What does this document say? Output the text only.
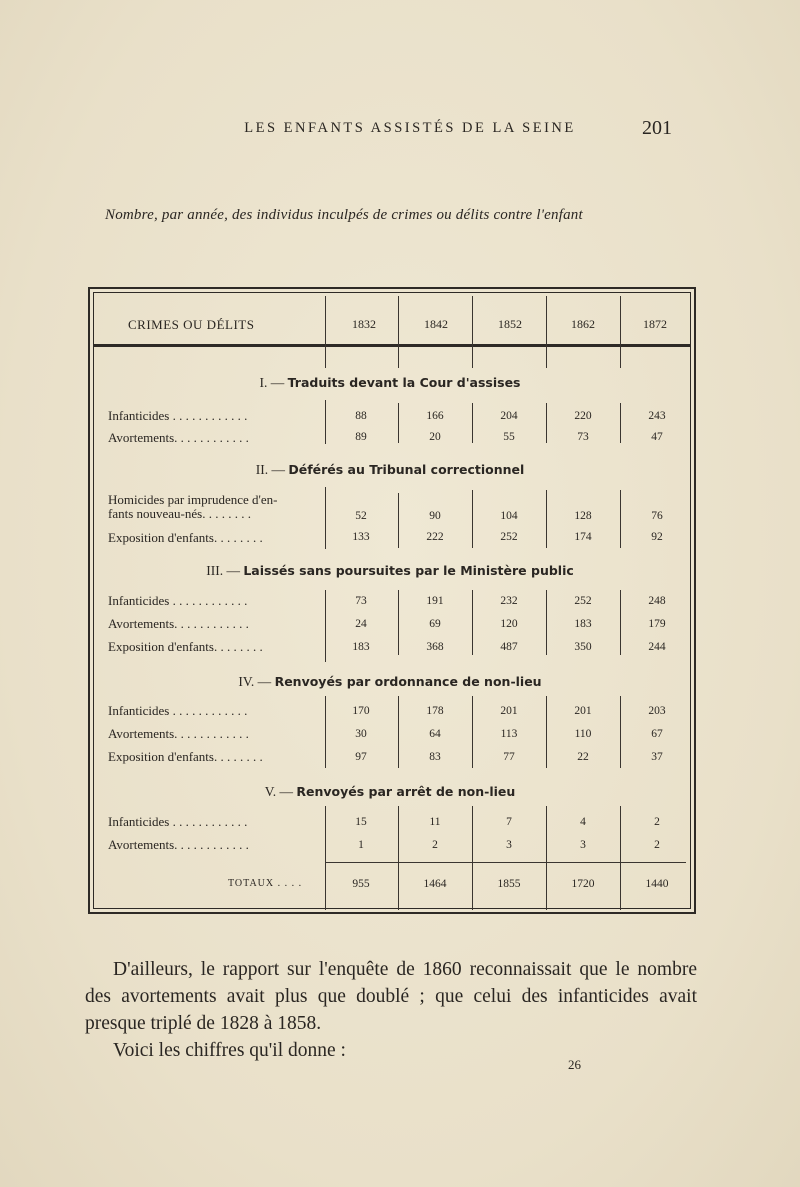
LES ENFANTS ASSISTÉS DE LA SEINE	201
Nombre, par année, des individus inculpés de crimes ou délits contre l'enfant
CRIMES OU DÉLITS	1832	1842	1852	1862	1872
I. — Traduits devant la Cour d'assises
Infanticides . . . . . . . . . . . .	88	166	204	220	243
Avortements. . . . . . . . . . . .	89	20	55	73	47
II. — Déférés au Tribunal correctionnel
Homicides par imprudence d'en-
fants nouveau-nés. . . . . . . .	52	90	104	128	76
Exposition d'enfants. . . . . . . .	133	222	252	174	92
III. — Laissés sans poursuites par le Ministère public
Infanticides . . . . . . . . . . . .	73	191	232	252	248
Avortements. . . . . . . . . . . .	24	69	120	183	179
Exposition d'enfants. . . . . . . .	183	368	487	350	244
IV. — Renvoyés par ordonnance de non-lieu
Infanticides . . . . . . . . . . . .	170	178	201	201	203
Avortements. . . . . . . . . . . .	30	64	113	110	67
Exposition d'enfants. . . . . . . .	97	83	77	22	37
V. — Renvoyés par arrêt de non-lieu
Infanticides . . . . . . . . . . . .	15	11	7	4	2
Avortements. . . . . . . . . . . .	1	2	3	3	2
TOTAUX . . . .	955	1464	1855	1720	1440
D'ailleurs, le rapport sur l'enquête de 1860 reconnaissait que le nombre des avortements avait plus que doublé ; que celui des infanticides avait presque triplé de 1828 à 1858.
Voici les chiffres qu'il donne :
26
